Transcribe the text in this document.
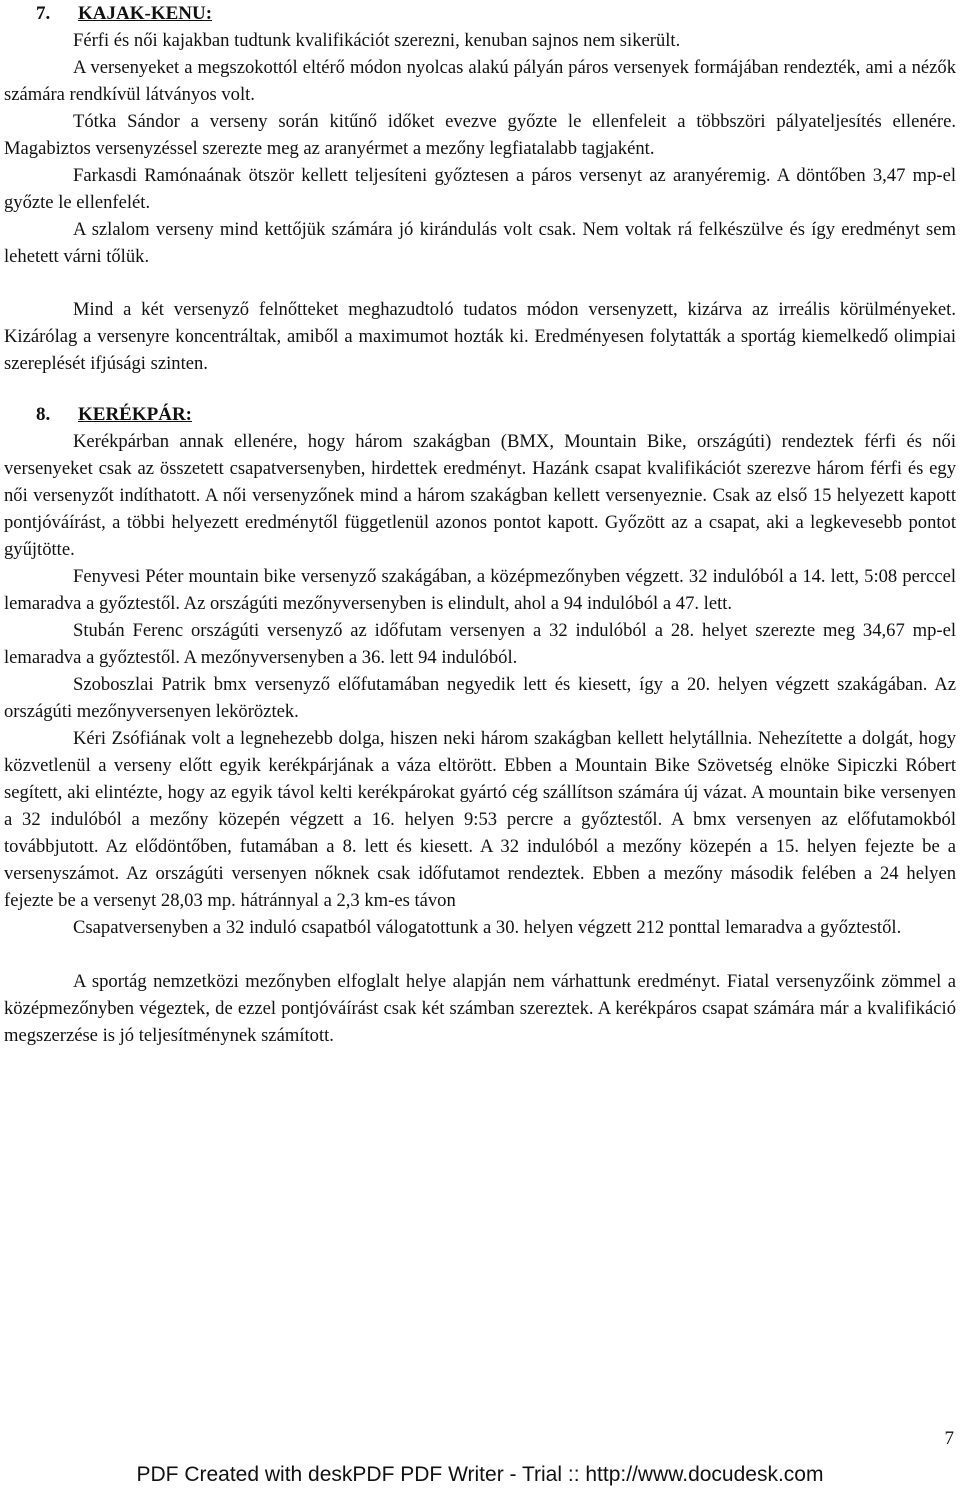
7. KAJAK-KENU:

Férfi és női kajakban tudtunk kvalifikációt szerezni, kenuban sajnos nem sikerült.

A versenyeket a megszokottól eltérő módon nyolcas alakú pályán páros versenyek formájában rendezték, ami a nézők számára rendkívül látványos volt.

Tótka Sándor a verseny során kitűnő időket evezve győzte le ellenfeleit a többszöri pályateljesítés ellenére. Magabiztos versenyzéssel szerezte meg az aranyérmet a mezőny legfiatalabb tagjaként.

Farkasdi Ramónaának ötször kellett teljesíteni győztesen a páros versenyt az aranyéremig. A döntőben 3,47 mp-el győzte le ellenfelét.

A szlalom verseny mind kettőjük számára jó kirándulás volt csak. Nem voltak rá felkészülve és így eredményt sem lehetett várni tőlük.

Mind a két versenyző felnőtteket meghazudtoló tudatos módon versenyzett, kizárva az irreális körülményeket. Kizárólag a versenyre koncentráltak, amiből a maximumot hozták ki. Eredményesen folytatták a sportág kiemelkedő olimpiai szereplését ifjúsági szinten.

8. KERÉKPÁR:

Kerékpárban annak ellenére, hogy három szakágban (BMX, Mountain Bike, országúti) rendeztek férfi és női versenyeket csak az összetett csapatversenyben, hirdettek eredményt. Hazánk csapat kvalifikációt szerezve három férfi és egy női versenyzőt indíthatott. A női versenyzőnek mind a három szakágban kellett versenyeznie. Csak az első 15 helyezett kapott pontjóváírást, a többi helyezett eredménytől függetlenül azonos pontot kapott. Győzött az a csapat, aki a legkevesebb pontot gyűjtötte.

Fenyvesi Péter mountain bike versenyző szakágában, a középmezőnyben végzett. 32 indulóból a 14. lett, 5:08 perccel lemaradva a győztestől. Az országúti mezőnyversenyben is elindult, ahol a 94 indulóból a 47. lett.

Stubán Ferenc országúti versenyző az időfutam versenyen a 32 indulóból a 28. helyet szerezte meg 34,67 mp-el lemaradva a győztestől. A mezőnyversenyben a 36. lett 94 indulóból.

Szoboszlai Patrik bmx versenyző előfutamában negyedik lett és kiesett, így a 20. helyen végzett szakágában. Az országúti mezőnyversenyen leköröztek.

Kéri Zsófiának volt a legnehezebb dolga, hiszen neki három szakágban kellett helytállnia. Nehezítette a dolgát, hogy közvetlenül a verseny előtt egyik kerékpárjának a váza eltörött. Ebben a Mountain Bike Szövetség elnöke Sipiczki Róbert segített, aki elintézte, hogy az egyik távol kelti kerékpárokat gyártó cég szállítson számára új vázat. A mountain bike versenyen a 32 indulóból a mezőny közepén végzett a 16. helyen 9:53 percre a győztestől. A bmx versenyen az előfutamokból továbbjutott. Az elődöntőben, futamában a 8. lett és kiesett. A 32 indulóból a mezőny közepén a 15. helyen fejezte be a versenyszámot. Az országúti versenyen nőknek csak időfutamot rendeztek. Ebben a mezőny második felében a 24 helyen fejezte be a versenyt 28,03 mp. hátránnyal a 2,3 km-es távon

Csapatversenyben a 32 induló csapatból válogatottunk a 30. helyen végzett 212 ponttal lemaradva a győztestől.

A sportág nemzetközi mezőnyben elfoglalt helye alapján nem várhattunk eredményt. Fiatal versenyzőink zömmel a középmezőnyben végeztek, de ezzel pontjóváírást csak két számban szereztek. A kerékpáros csapat számára már a kvalifikáció megszerzése is jó teljesítménynek számított.

7
PDF Created with deskPDF PDF Writer - Trial :: http://www.docudesk.com
